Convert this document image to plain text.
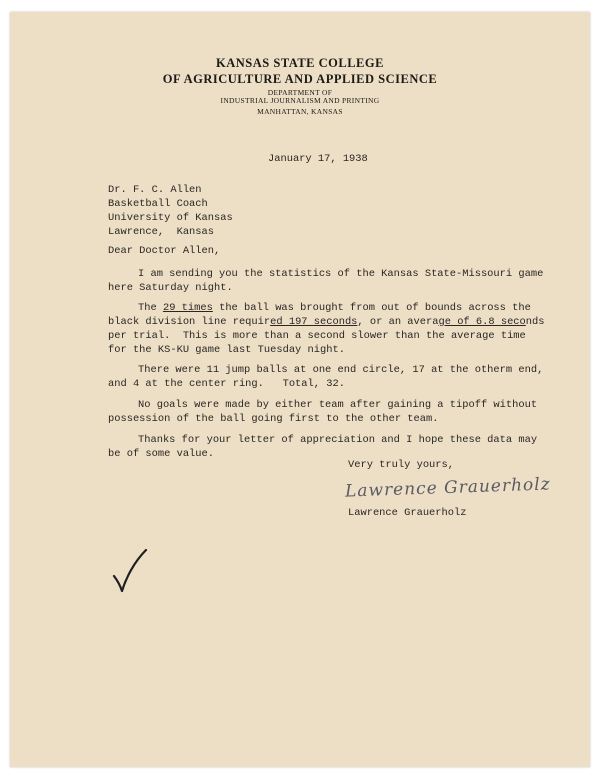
KANSAS STATE COLLEGE
OF AGRICULTURE AND APPLIED SCIENCE
DEPARTMENT OF
INDUSTRIAL JOURNALISM AND PRINTING
MANHATTAN, KANSAS
January 17, 1938
Dr. F. C. Allen
Basketball Coach
University of Kansas
Lawrence,  Kansas
Dear Doctor Allen,
I am sending you the statistics of the Kansas State-Missouri game
here Saturday night.
The 29 times the ball was brought from out of bounds across the
black division line required 197 seconds, or an average of 6.8 seconds
per trial.  This is more than a second slower than the average time
for the KS-KU game last Tuesday night.
There were 11 jump balls at one end circle, 17 at the otherm end,
and 4 at the center ring.   Total, 32.
No goals were made by either team after gaining a tipoff without
possession of the ball going first to the other team.
Thanks for your letter of appreciation and I hope these data may
be of some value.
Very truly yours,
Lawrence Grauerholz
Lawrence Grauerholz
